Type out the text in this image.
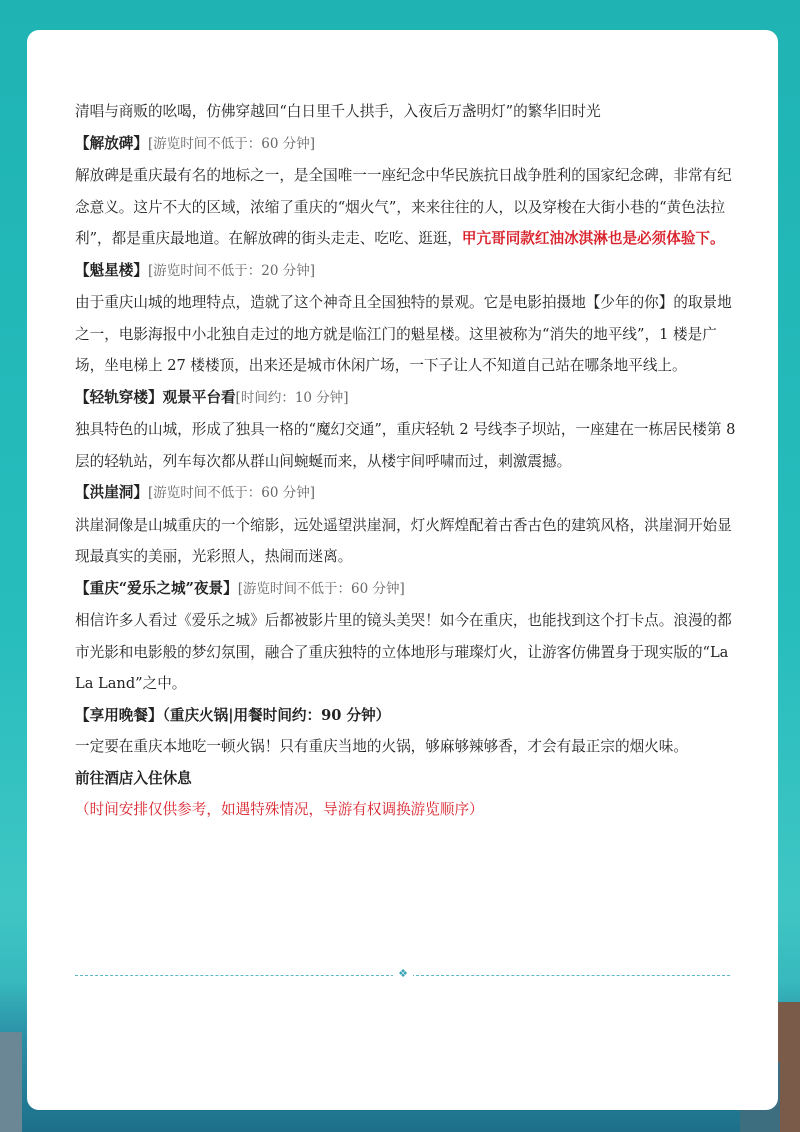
清唱与商贩的吆喝，仿佛穿越回“白日里千人拱手，入夜后万盏明灯”的繁华旧时光

【解放碑】[游览时间不低于：60 分钟]

解放碑是重庆最有名的地标之一，是全国唯一一座纪念中华民族抗日战争胜利的国家纪念碑，非常有纪念意义。这片不大的区域，浓缩了重庆的“烟火气”，来来往往的人，以及穿梭在大街小巷的“黄色法拉利”，都是重庆最地道。在解放碑的街头走走、吃吃、逛逛，甲亢哥同款红油冰淇淋也是必须体验下。

【魁星楼】[游览时间不低于：20 分钟]

由于重庆山城的地理特点，造就了这个神奇且全国独特的景观。它是电影拍摄地【少年的你】的取景地之一，电影海报中小北独自走过的地方就是临江门的魁星楼。这里被称为“消失的地平线”，1 楼是广场，坐电梯上 27 楼楼顶，出来还是城市休闲广场，一下子让人不知道自己站在哪条地平线上。

【轻轨穿楼】观景平台看[时间约：10 分钟]

独具特色的山城，形成了独具一格的“魔幻交通”，重庆轻轨 2 号线李子坝站，一座建在一栋居民楼第 8 层的轻轨站，列车每次都从群山间蜿蜒而来，从楼宇间呼啸而过，刺激震撼。

【洪崖洞】[游览时间不低于：60 分钟]

洪崖洞像是山城重庆的一个缩影，远处遥望洪崖洞，灯火辉煌配着古香古色的建筑风格，洪崖洞开始显现最真实的美丽，光彩照人，热闹而迷离。

【重庆“爱乐之城”夜景】[游览时间不低于：60 分钟]

相信许多人看过《爱乐之城》后都被影片里的镜头美哭！如今在重庆，也能找到这个打卡点。浪漫的都市光影和电影般的梦幻氛围，融合了重庆独特的立体地形与璀璨灯火，让游客仿佛置身于现实版的“La La Land”之中。

【享用晚餐】（重庆火锅|用餐时间约：90 分钟）

一定要在重庆本地吃一顿火锅！只有重庆当地的火锅，够麻够辣够香，才会有最正宗的烟火味。

前往酒店入住休息

（时间安排仅供参考，如遇特殊情况，导游有权调换游览顺序）

❖
